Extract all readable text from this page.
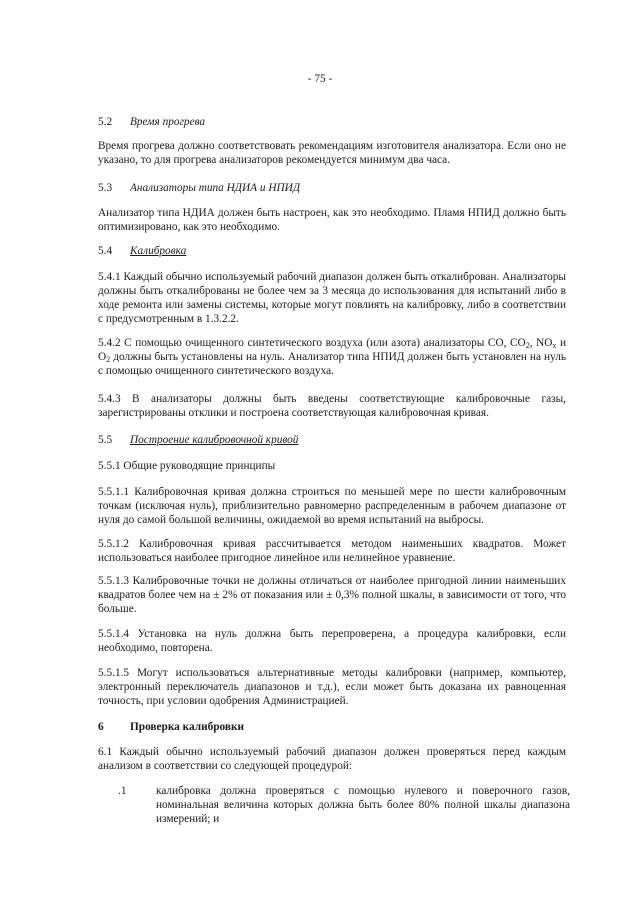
- 75 -
5.2 Время прогрева

Время прогрева должно соответствовать рекомендациям изготовителя анализатора. Если оно не указано, то для прогрева анализаторов рекомендуется минимум два часа.

5.3 Анализаторы типа НДИА и НПИД

Анализатор типа НДИА должен быть настроен, как это необходимо. Пламя НПИД должно быть оптимизировано, как это необходимо.

5.4 Калибровка

5.4.1 Каждый обычно используемый рабочий диапазон должен быть откалиброван. Анализаторы должны быть откалиброваны не более чем за 3 месяца до использования для испытаний либо в ходе ремонта или замены системы, которые могут повлиять на калибровку, либо в соответствии с предусмотренным в 1.3.2.2.

5.4.2 С помощью очищенного синтетического воздуха (или азота) анализаторы CO, $CO_2$, $NO_x$ и $O_2$ должны быть установлены на нуль. Анализатор типа НПИД должен быть установлен на нуль с помощью очищенного синтетического воздуха.

5.4.3 В анализаторы должны быть введены соответствующие калибровочные газы, зарегистрированы отклики и построена соответствующая калибровочная кривая.

5.5 Построение калибровочной кривой
5.5.1 Общие руководящие принципы

5.5.1.1 Калибровочная кривая должна строиться по меньшей мере по шести калибровочным точкам (исключая нуль), приблизительно равномерно распределенным в рабочем диапазоне от нуля до самой большой величины, ожидаемой во время испытаний на выбросы.

5.5.1.2 Калибровочная кривая рассчитывается методом наименьших квадратов. Может использоваться наиболее пригодное линейное или нелинейное уравнение.

5.5.1.3 Калибровочные точки не должны отличаться от наиболее пригодной линии наименьших квадратов более чем на ± 2% от показания или ± 0,3% полной шкалы, в зависимости от того, что больше.

5.5.1.4 Установка на нуль должна быть перепроверена, а процедура калибровки, если необходимо, повторена.

5.5.1.5 Могут использоваться альтернативные методы калибровки (например, компьютер, электронный переключатель диапазонов и т.д.), если может быть доказана их равноценная точность, при условии одобрения Администрацией.

6 Проверка калибровки

6.1 Каждый обычно используемый рабочий диапазон должен проверяться перед каждым анализом в соответствии со следующей процедурой:

.1	калибровка должна проверяться с помощью нулевого и поверочного газов, номинальная величина которых должна быть более 80% полной шкалы диапазона измерений; и
